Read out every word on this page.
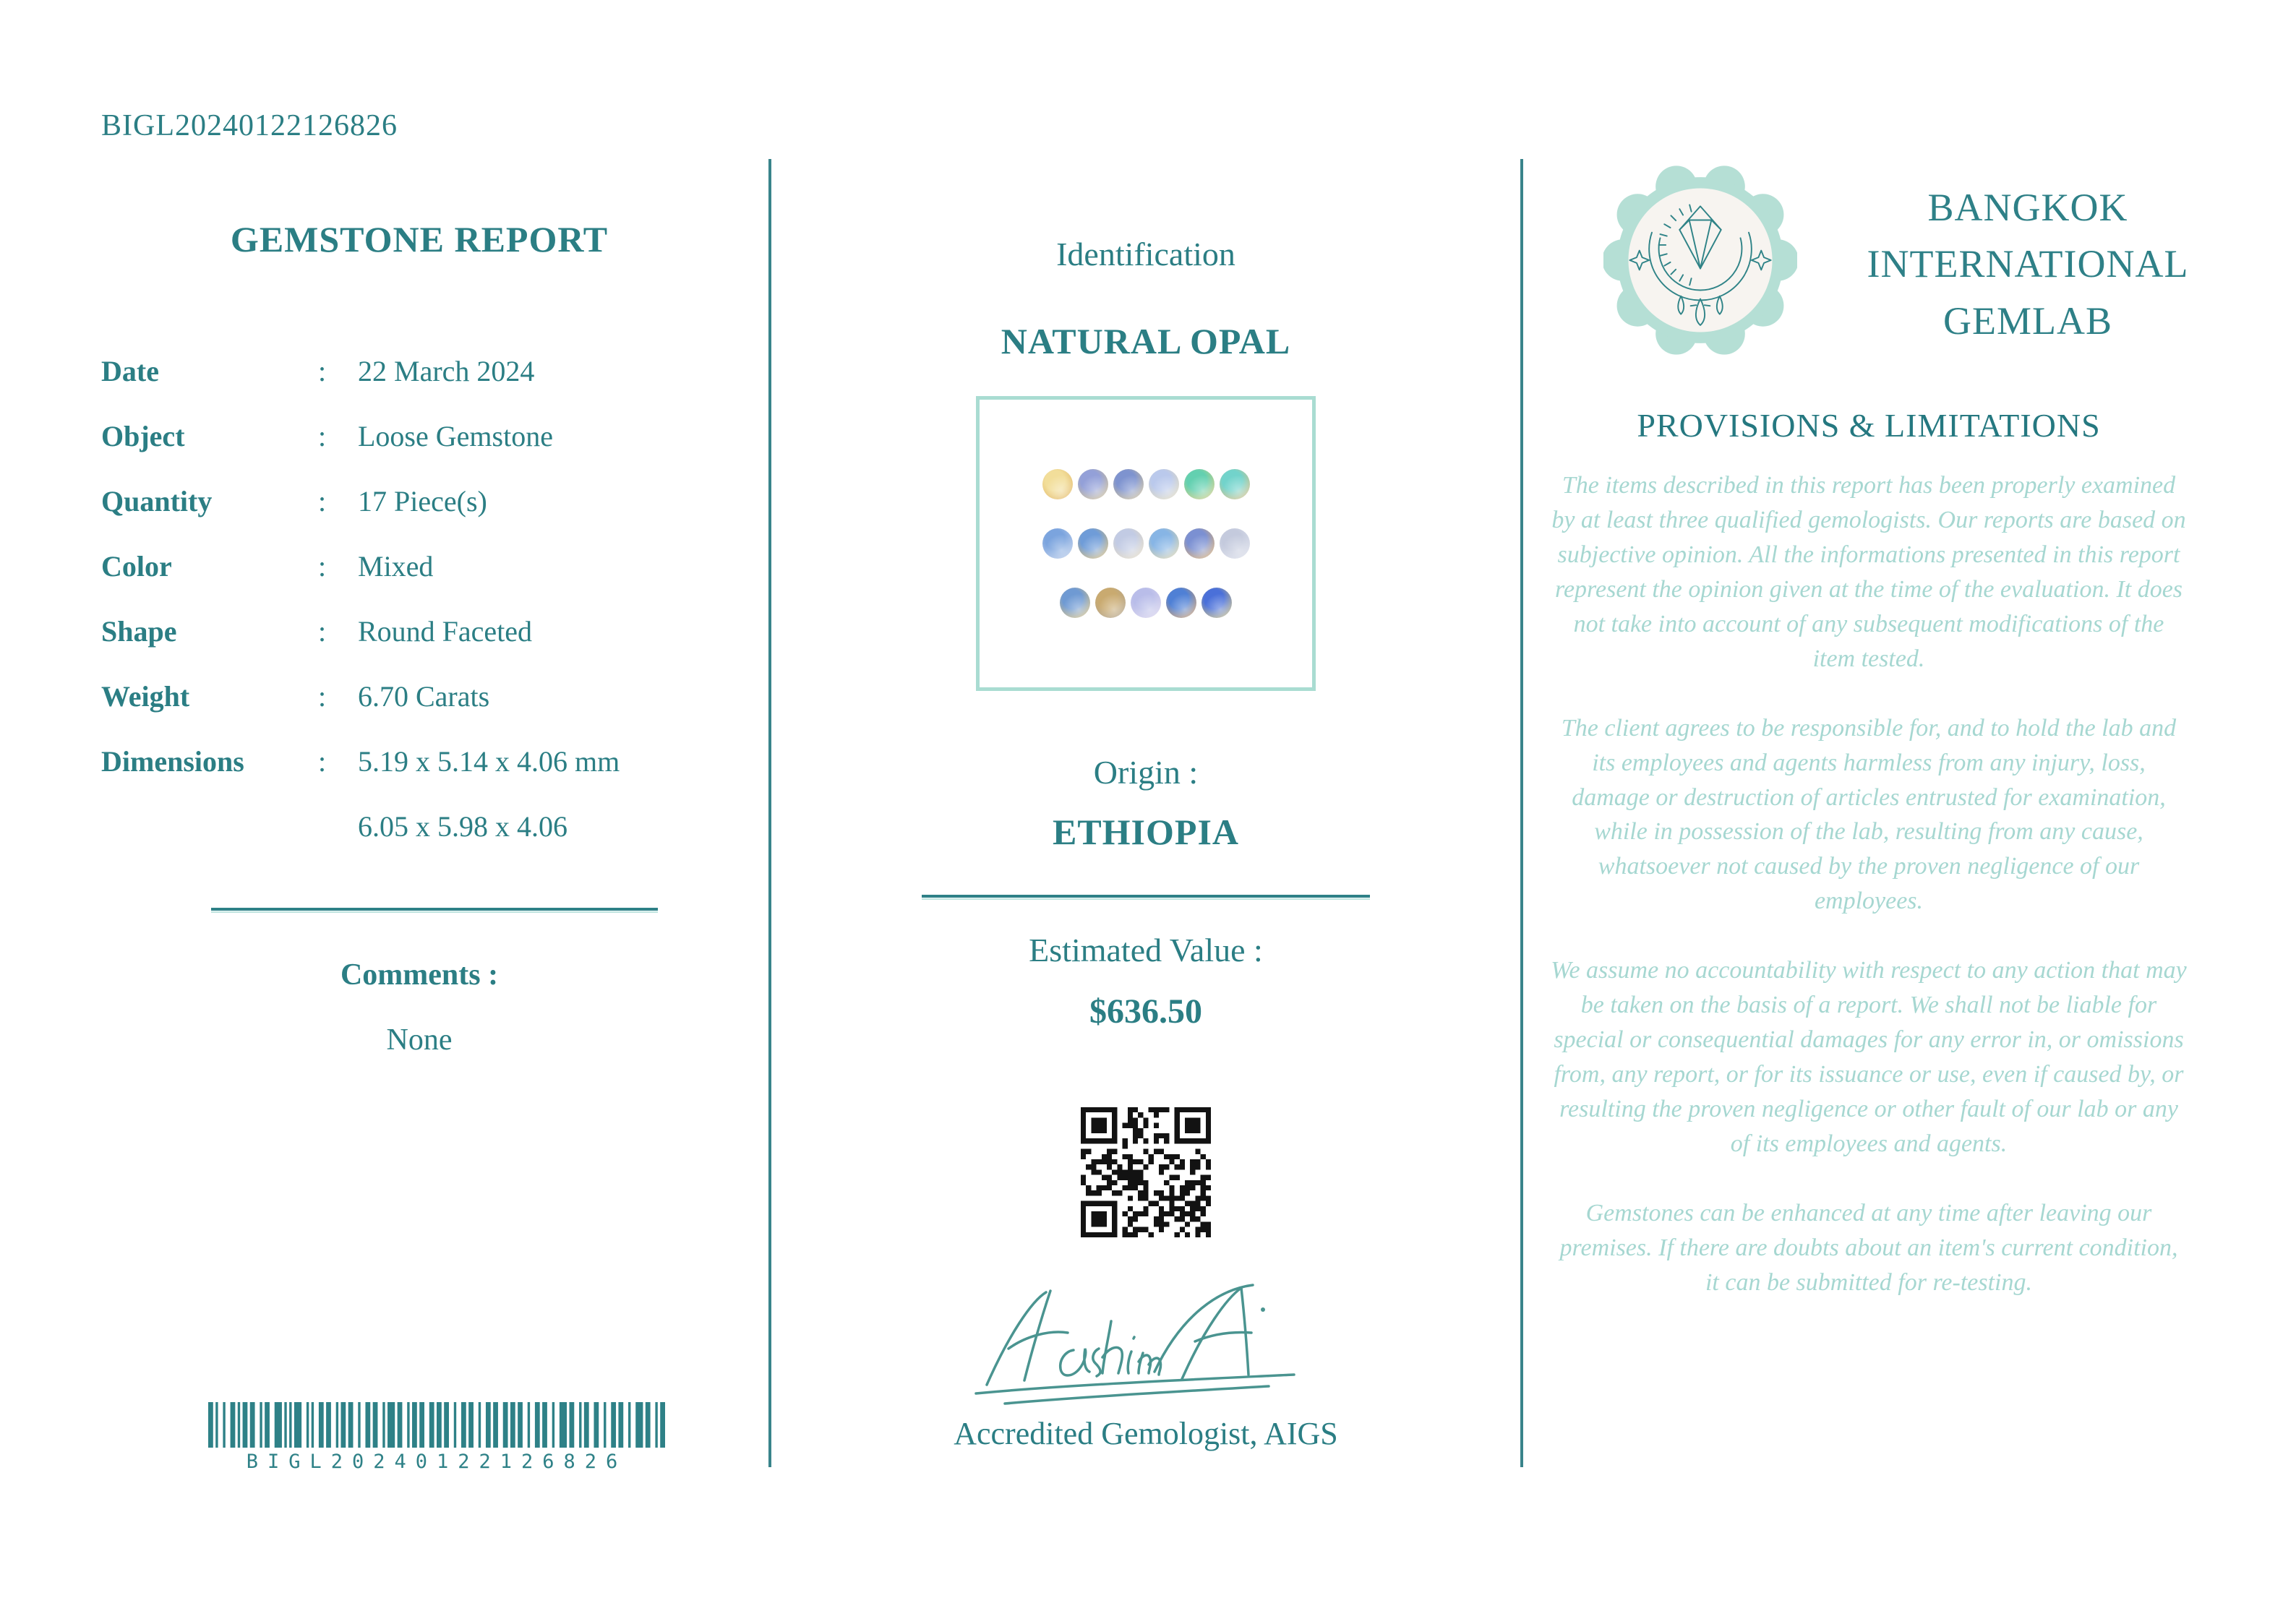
BIGL20240122126826
GEMSTONE REPORT
Date	:	22 March 2024
Object	:	Loose Gemstone
Quantity	:	17 Piece(s)
Color	:	Mixed
Shape	:	Round Faceted
Weight	:	6.70 Carats
Dimensions	:	5.19 x 5.14 x 4.06 mm
6.05 x 5.98 x 4.06
Comments :
None
BIGL20240122126826
Identification
NATURAL OPAL
Origin :
ETHIOPIA
Estimated Value :
$636.50
Accredited Gemologist, AIGS
BANGKOK
INTERNATIONAL
GEMLAB
PROVISIONS & LIMITATIONS

The items described in this report has been properly examined by at least three qualified gemologists. Our reports are based on subjective opinion. All the informations presented in this report represent the opinion given at the time of the evaluation. It does not take into account of any subsequent modifications of the item tested.

The client agrees to be responsible for, and to hold the lab and its employees and agents harmless from any injury, loss, damage or destruction of articles entrusted for examination, while in possession of the lab, resulting from any cause, whatsoever not caused by the proven negligence of our employees.

We assume no accountability with respect to any action that may be taken on the basis of a report. We shall not be liable for special or consequential damages for any error in, or omissions from, any report, or for its issuance or use, even if caused by, or resulting the proven negligence or other fault of our lab or any of its employees and agents.

Gemstones can be enhanced at any time after leaving our premises. If there are doubts about an item's current condition, it can be submitted for re-testing.
